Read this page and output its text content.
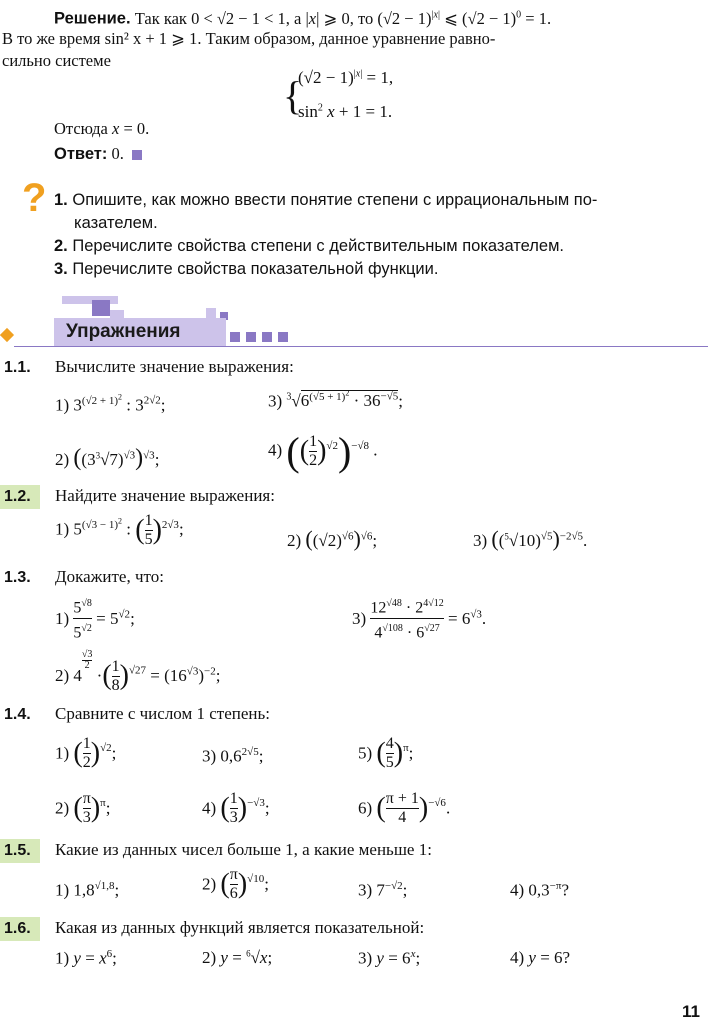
Решение. Так как 0 < √2 − 1 < 1, а |x| ⩾ 0, то $(√2 - 1)^{|x|}$ ⩽ $(√2 - 1)^0 = 1$.
В то же время sin² x + 1 ⩾ 1. Таким образом, данное уравнение равно-
сильно системе
{
$(√2 - 1)^{|x|} = 1$,
$\sin^2 x + 1 = 1$.
Отсюда x = 0.
Ответ: 0.
? 1. Опишите, как можно ввести понятие степени с иррациональным по-
казателем.
2. Перечислите свойства степени с действительным показателем.
3. Перечислите свойства показательной функции.
Упражнения
1.1.	Вычислите значение выражения:
1) $3^{(√2 + 1)^2}$ : $3^{2√2}$;	3) $^3√6^{(√5 + 1)^2} \cdot 36^{-√5}$;
2) $((3^3√7)^{√3})^{√3}$;
4) (( $\frac{1}{2} )^{√2})^{-√8}$ .
1.2.	Найдите значение выражения:
1) $5^{(√3 - 1)^2}$ : ( $\frac{1}{5} )^{2√3}$;
2) $((√2)^{√6})^{√6}$;	3) $((^5√10)^{√5})^{-2√5}$.
1.3.	Докажите, что:
$1) \frac{5^{√8}}{5^{√2}} = 5^{√2}$;	$3) \frac{12^{√48} \cdot 2^{4√12}}{4^{√108} \cdot 6^{√27}} = 6^{√3}$.
2) 4
$^{\frac{√3}{2}}$
·( $\frac{1}{8} )^{√27} = (16^{√3})^{-2}$;
1.4.	Сравните с числом 1 степень:
1) ( $\frac{1}{2} )^{√2}$;	3) $0,6^{2√5}$;	5) ( $\frac{4}{5} )^\pi$;
2) ( $\frac{\pi}{3} )^\pi$;	4) ( $\frac{1}{3} )^{-√3}$;	6) ( $\frac{\pi + 1}{4} )^{-√6}$.
1.5.	Какие из данных чисел больше 1, а какие меньше 1:
1) $1,8^{√1,8}$;	2) ( $\frac{\pi}{6} )^{√10}$;	3) $7^{-√2}$;	4) $0,3^{-\pi}$?
1.6.	Какая из данных функций является показательной:
1) $y = x^6$;	2) y = $^6$√x;	3) $y = 6^x$;	4) y = 6?
11
